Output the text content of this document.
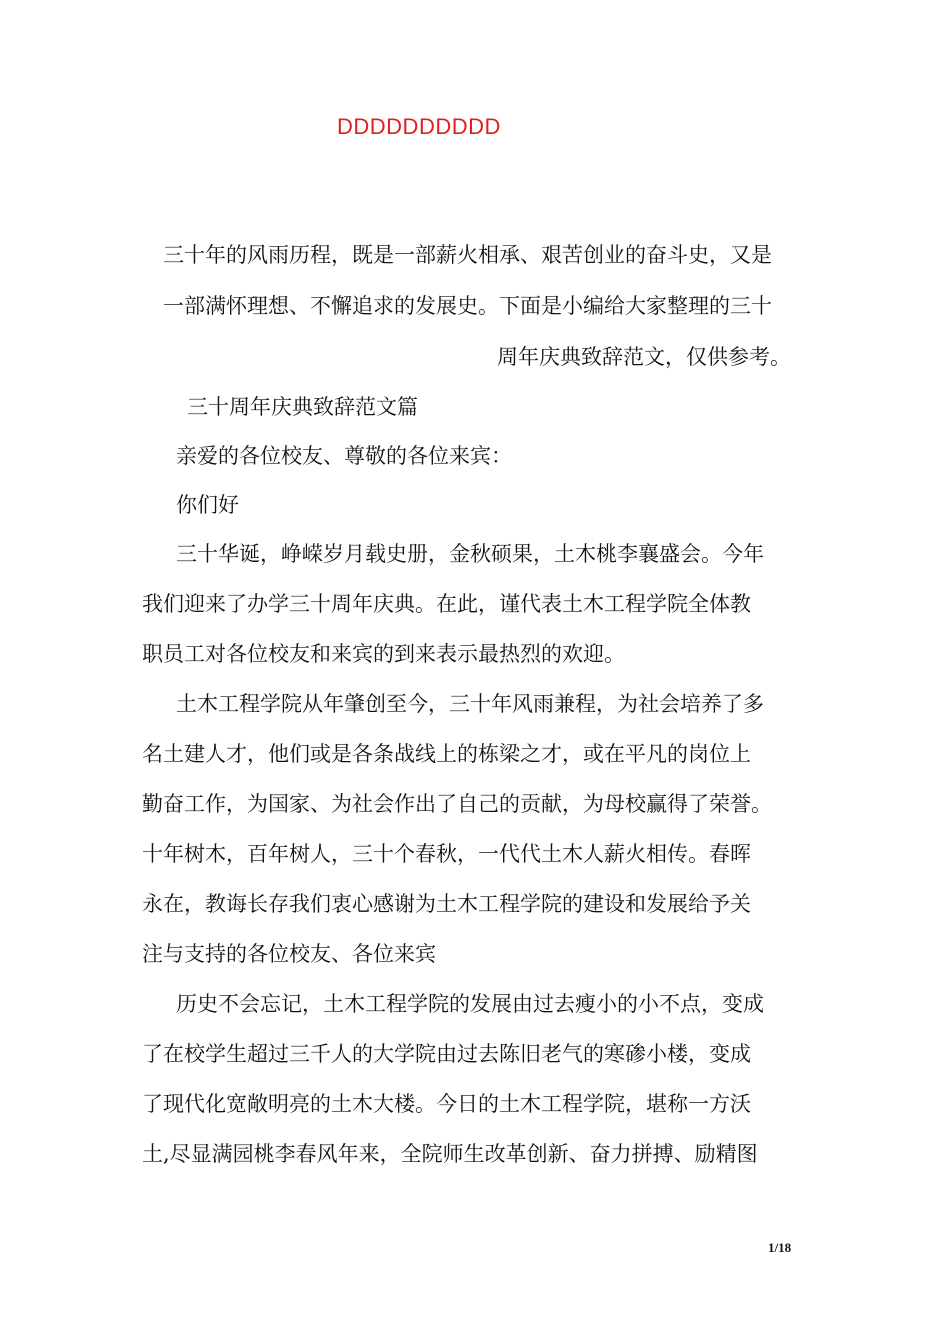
DDDDDDDDDD
三十年的风雨历程，既是一部薪火相承、艰苦创业的奋斗史，又是
一部满怀理想、不懈追求的发展史。下面是小编给大家整理的三十
周年庆典致辞范文，仅供参考。
三十周年庆典致辞范文篇
亲爱的各位校友、尊敬的各位来宾：
你们好
三十华诞，峥嵘岁月载史册，金秋硕果，土木桃李襄盛会。今年
我们迎来了办学三十周年庆典。在此，谨代表土木工程学院全体教
职员工对各位校友和来宾的到来表示最热烈的欢迎。
土木工程学院从年肇创至今，三十年风雨兼程，为社会培养了多
名土建人才，他们或是各条战线上的栋梁之才，或在平凡的岗位上
勤奋工作，为国家、为社会作出了自己的贡献，为母校赢得了荣誉。
十年树木，百年树人，三十个春秋，一代代土木人薪火相传。春晖
永在，教诲长存我们衷心感谢为土木工程学院的建设和发展给予关
注与支持的各位校友、各位来宾
历史不会忘记，土木工程学院的发展由过去瘦小的小不点，变成
了在校学生超过三千人的大学院由过去陈旧老气的寒碜小楼，变成
了现代化宽敞明亮的土木大楼。今日的土木工程学院，堪称一方沃
土,尽显满园桃李春风年来，全院师生改革创新、奋力拼搏、励精图
1/18
